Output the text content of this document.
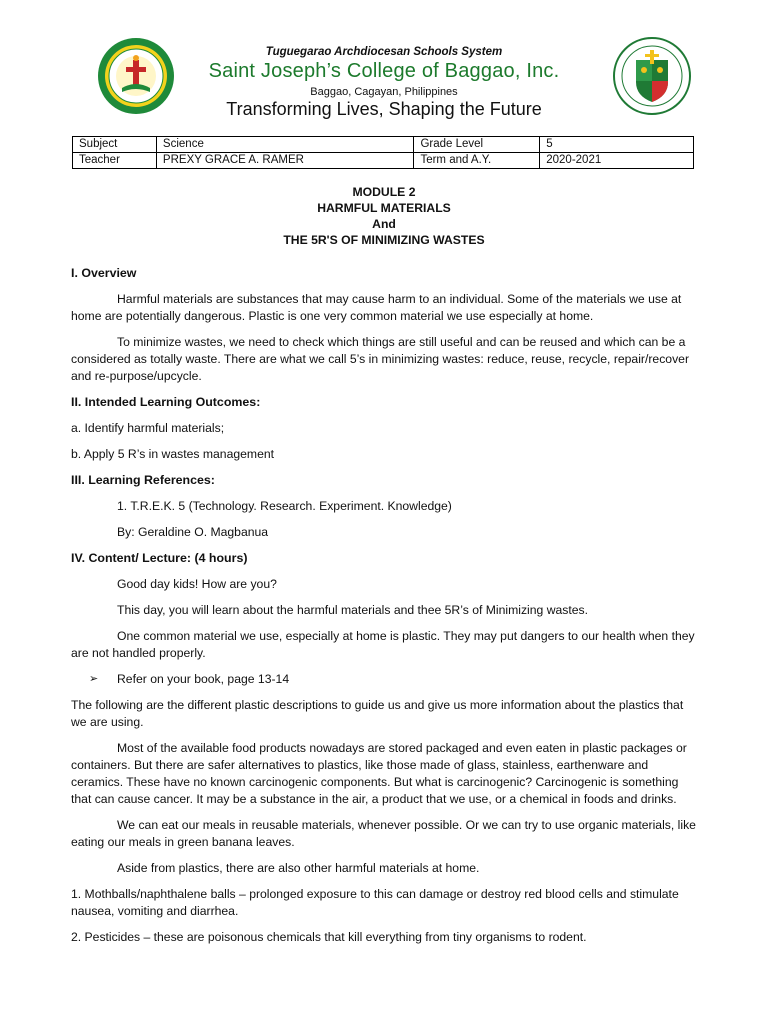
Tuguegarao Archdiocesan Schools System
Saint Joseph’s College of Baggao, Inc.
Baggao, Cagayan, Philippines
Transforming Lives, Shaping the Future
Subject	Science	Grade Level	5
Teacher	PREXY GRACE A. RAMER	Term and A.Y.	2020-2021
MODULE 2
HARMFUL MATERIALS
And
THE 5R'S OF MINIMIZING WASTES

I. Overview

Harmful materials are substances that may cause harm to an individual. Some of the materials we use at home are potentially dangerous. Plastic is one very common material we use especially at home.

To minimize wastes, we need to check which things are still useful and can be reused and which can be a considered as totally waste. There are what we call 5’s in minimizing wastes: reduce, reuse, recycle, repair/recover and re-purpose/upcycle.

II. Intended Learning Outcomes:

a. Identify harmful materials;

b. Apply 5 R’s in wastes management

III. Learning References:

1. T.R.E.K. 5 (Technology. Research. Experiment. Knowledge)

By: Geraldine O. Magbanua

IV. Content/ Lecture: (4 hours)

Good day kids! How are you?

This day, you will learn about the harmful materials and thee 5R’s of Minimizing wastes.

One common material we use, especially at home is plastic. They may put dangers to our health when they are not handled properly.

➢	Refer on your book, page 13-14

The following are the different plastic descriptions to guide us and give us more information about the plastics that we are using.

Most of the available food products nowadays are stored packaged and even eaten in plastic packages or containers. But there are safer alternatives to plastics, like those made of glass, stainless, earthenware and ceramics. These have no known carcinogenic components. But what is carcinogenic? Carcinogenic is something that can cause cancer. It may be a substance in the air, a product that we use, or a chemical in foods and drinks.

We can eat our meals in reusable materials, whenever possible. Or we can try to use organic materials, like eating our meals in green banana leaves.

Aside from plastics, there are also other harmful materials at home.

1. Mothballs/naphthalene balls – prolonged exposure to this can damage or destroy red blood cells and stimulate nausea, vomiting and diarrhea.

2. Pesticides – these are poisonous chemicals that kill everything from tiny organisms to rodent.
